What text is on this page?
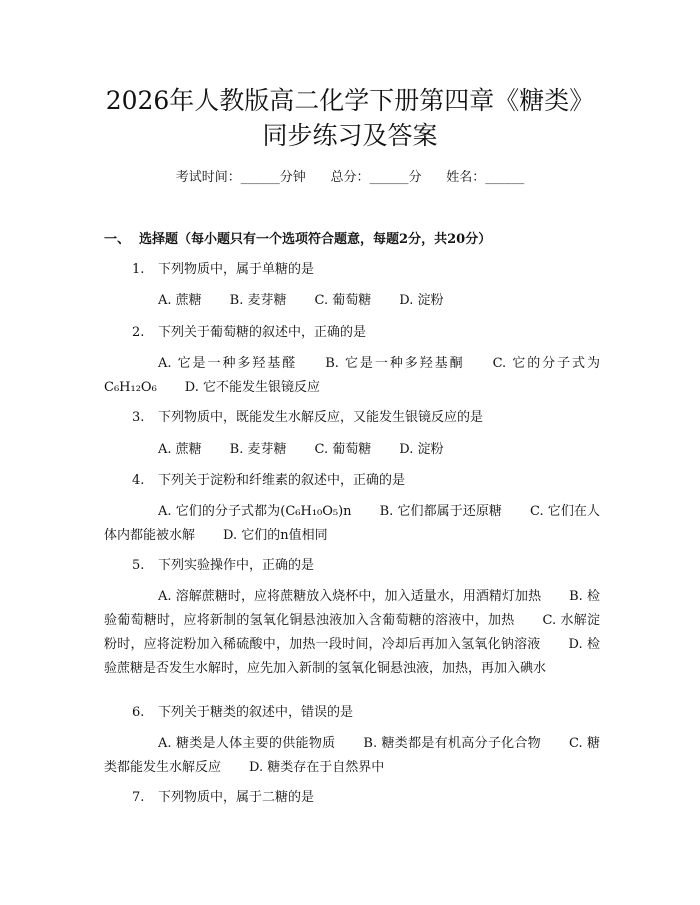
2026年人教版高二化学下册第四章《糖类》
同步练习及答案
考试时间：______分钟      总分：______分      姓名：______
一、  选择题（每小题只有一个选项符合题意，每题2分，共20分）
1. 下列物质中，属于单糖的是
A. 蔗糖 B. 麦芽糖 C. 葡萄糖 D. 淀粉
2. 下列关于葡萄糖的叙述中，正确的是
A. 它是一种多羟基醛 B. 它是一种多羟基酮 C. 它的分子式为C₆H₁₂O₆ D. 它不能发生银镜反应
3. 下列物质中，既能发生水解反应，又能发生银镜反应的是
A. 蔗糖 B. 麦芽糖 C. 葡萄糖 D. 淀粉
4. 下列关于淀粉和纤维素的叙述中，正确的是
A. 它们的分子式都为(C₆H₁₀O₅)n B. 它们都属于还原糖 C. 它们在人体内都能被水解 D. 它们的n值相同
5. 下列实验操作中，正确的是
A. 溶解蔗糖时，应将蔗糖放入烧杯中，加入适量水，用酒精灯加热 B. 检验葡萄糖时，应将新制的氢氧化铜悬浊液加入含葡萄糖的溶液中，加热 C. 水解淀粉时，应将淀粉加入稀硫酸中，加热一段时间，冷却后再加入氢氧化钠溶液 D. 检验蔗糖是否发生水解时，应先加入新制的氢氧化铜悬浊液，加热，再加入碘水
6. 下列关于糖类的叙述中，错误的是
A. 糖类是人体主要的供能物质 B. 糖类都是有机高分子化合物 C. 糖类都能发生水解反应 D. 糖类存在于自然界中
7. 下列物质中，属于二糖的是
